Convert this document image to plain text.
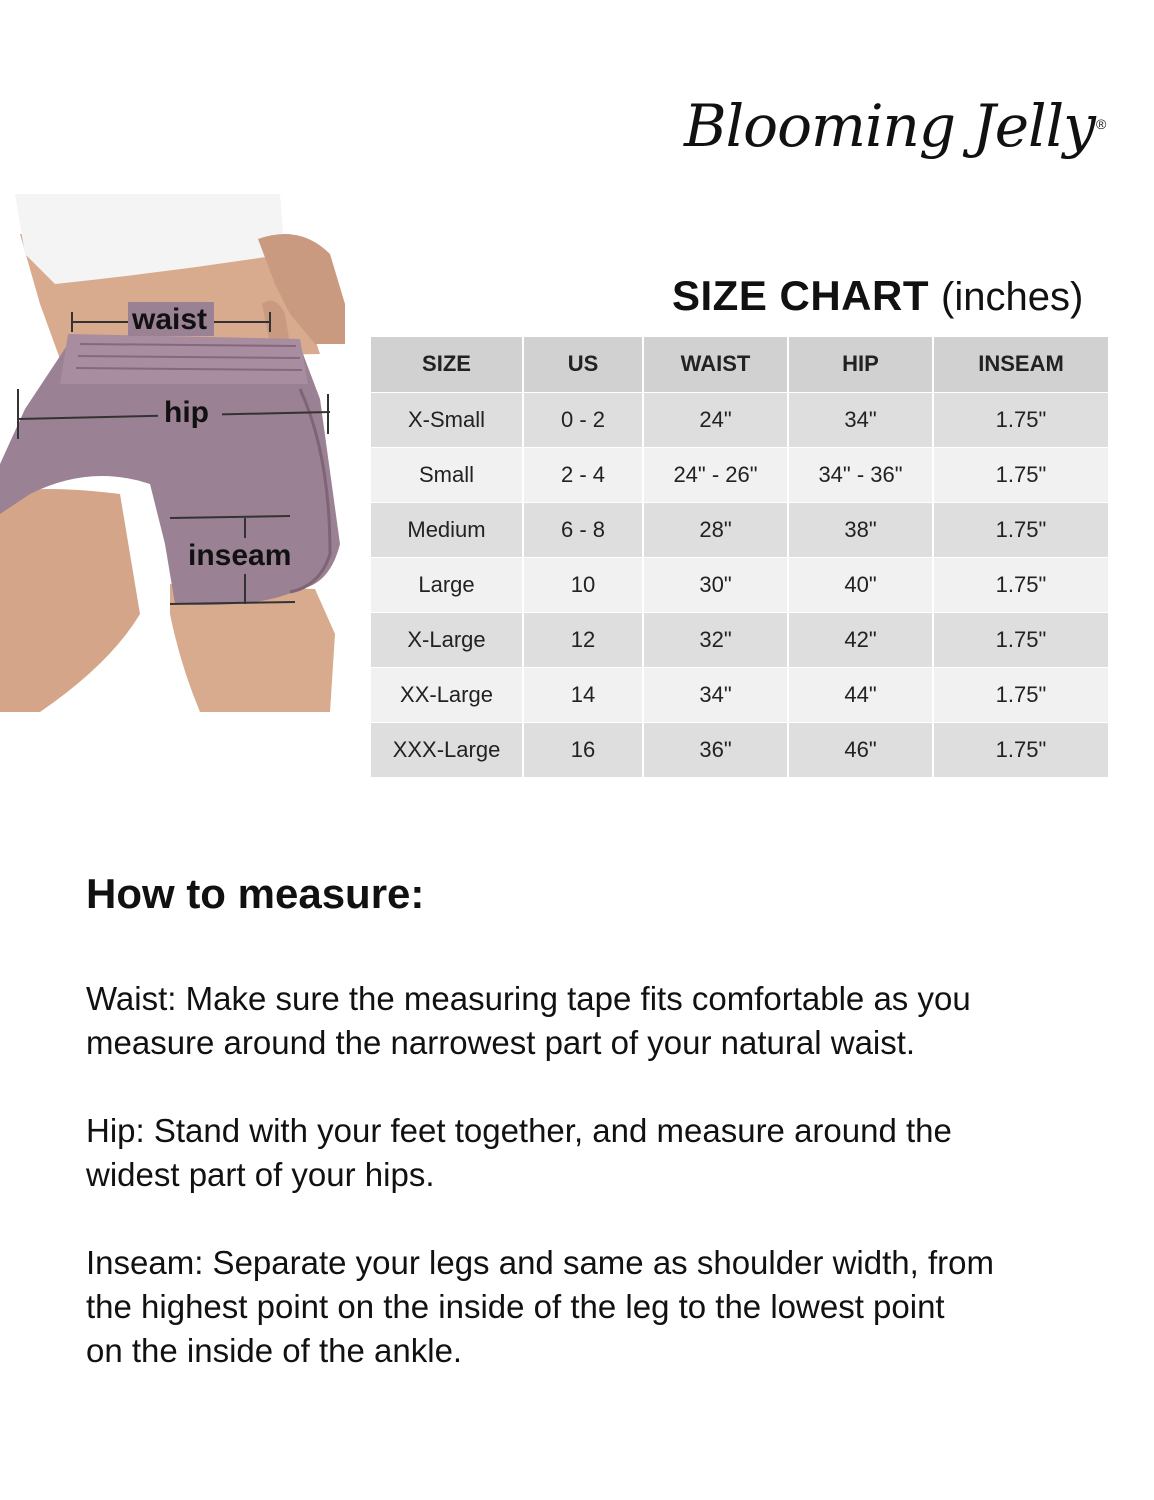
Blooming Jelly ®
waist
hip
inseam
SIZE CHART (inches)
SIZE	US	WAIST	HIP	INSEAM
X-Small	0 - 2	24"	34"	1.75"
Small	2 - 4	24" - 26"	34" - 36"	1.75"
Medium	6 - 8	28"	38"	1.75"
Large	10	30"	40"	1.75"
X-Large	12	32"	42"	1.75"
XX-Large	14	34"	44"	1.75"
XXX-Large	16	36"	46"	1.75"
How to measure:
Waist: Make sure the measuring tape fits comfortable as you
measure around the narrowest part of your natural waist.
Hip: Stand with your feet together, and measure around the
widest part of your hips.
Inseam: Separate your legs and same as shoulder width, from
the highest point on the inside of the leg to the lowest point
on the inside of the ankle.
